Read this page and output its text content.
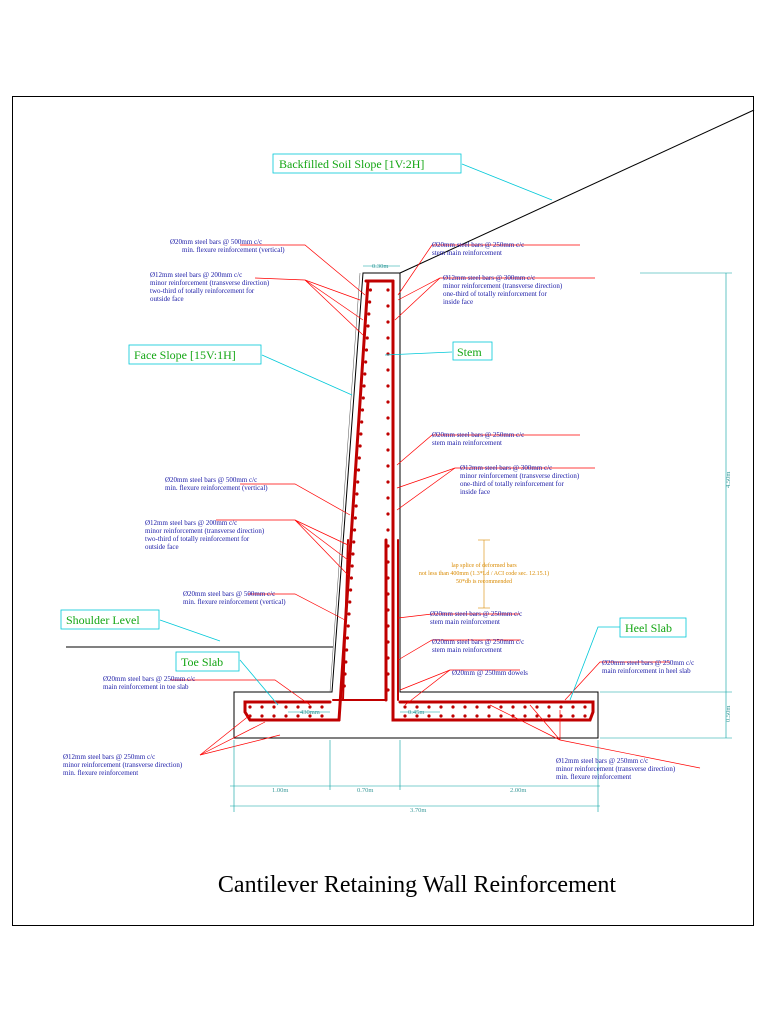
Backfilled Soil Slope [1V:2H]
Face Slope [15V:1H]	Stem
Shoulder Level
Toe Slab
Heel Slab
Ø20mm steel bars @ 500mm c/c min. flexure reinforcement (vertical)
Ø12mm steel bars @ 200mm c/c minor reinforcement (transverse direction) two-third of totally reinforcement for outside face
Ø20mm steel bars @ 250mm c/c stem main reinforcement
Ø12mm steel bars @ 300mm c/c minor reinforcement (transverse direction) one-third of totally reinforcement for inside face
Ø20mm steel bars @ 250mm c/c stem main reinforcement
Ø12mm steel bars @ 300mm c/c minor reinforcement (transverse direction) one-third of totally reinforcement for inside face
Ø20mm steel bars @ 500mm c/c min. flexure reinforcement (vertical)
Ø12mm steel bars @ 200mm c/c minor reinforcement (transverse direction) two-third of totally reinforcement for outside face
Ø20mm steel bars @ 500mm c/c min. flexure reinforcement (vertical)
Ø20mm steel bars @ 250mm c/c stem main reinforcement
Ø20mm steel bars @ 250mm c/c stem main reinforcement
Ø20mm @ 250mm dowels
Ø20mm steel bars @ 250mm c/c main reinforcement in toe slab
Ø20mm steel bars @ 250mm c/c main reinforcement in heel slab
Ø12mm steel bars @ 250mm c/c minor reinforcement (transverse direction) min. flexure reinforcement
Ø12mm steel bars @ 250mm c/c minor reinforcement (transverse direction) min. flexure reinforcement
lap splice of deformed bars not less than 400mm (1.3*Ld / ACI code sec. 12.15.1) 50*db is recommended
0.30m
4.50m
0.50m
1.00m	0.70m	2.00m
3.70m
430mm	0.45m
Cantilever Retaining Wall Reinforcement
